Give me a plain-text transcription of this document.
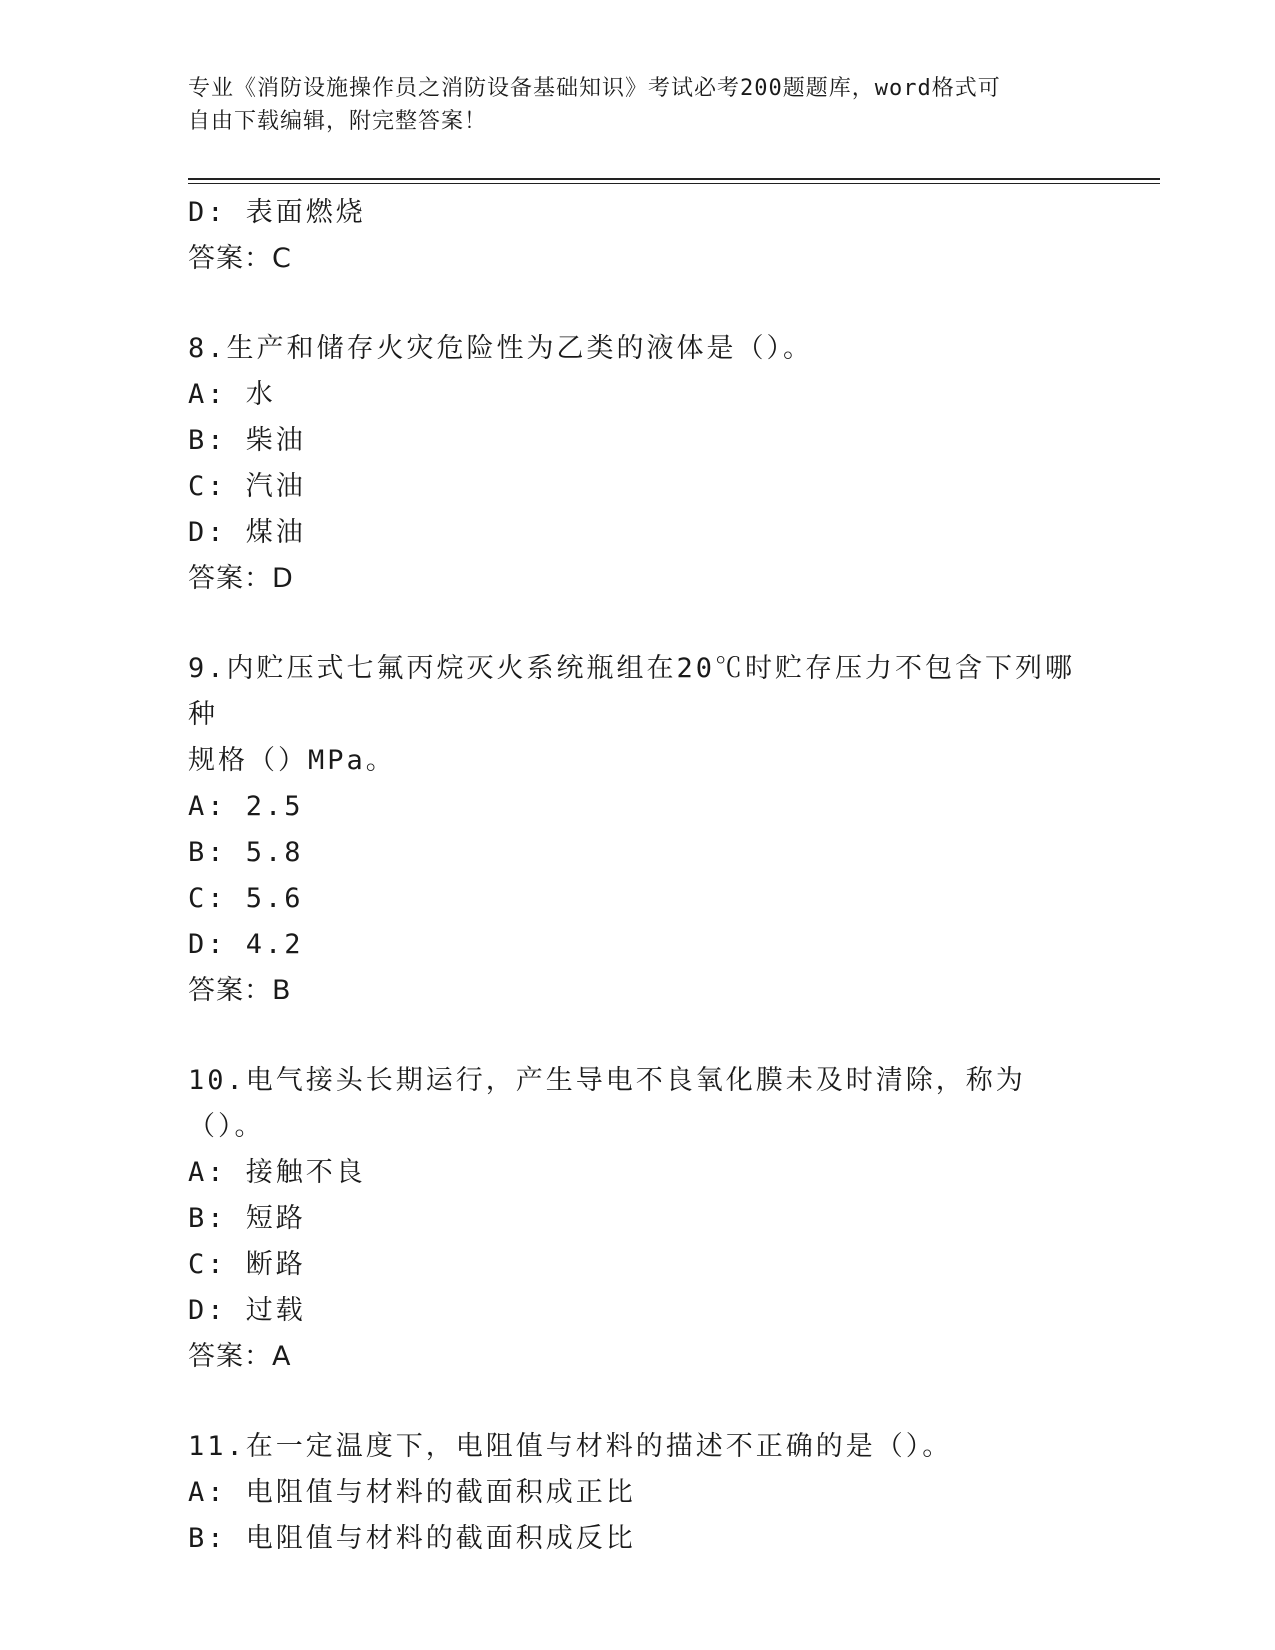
专业《消防设施操作员之消防设备基础知识》考试必考200题题库，word格式可
自由下载编辑，附完整答案！
D: 表面燃烧
答案：C
8.生产和储存火灾危险性为乙类的液体是（）。
A: 水
B: 柴油
C: 汽油
D: 煤油
答案：D
9.内贮压式七氟丙烷灭火系统瓶组在20℃时贮存压力不包含下列哪种
规格（）MPa。
A: 2.5
B: 5.8
C: 5.6
D: 4.2
答案：B
10.电气接头长期运行，产生导电不良氧化膜未及时清除，称为（）。
A: 接触不良
B: 短路
C: 断路
D: 过载
答案：A
11.在一定温度下，电阻值与材料的描述不正确的是（）。
A: 电阻值与材料的截面积成正比
B: 电阻值与材料的截面积成反比
